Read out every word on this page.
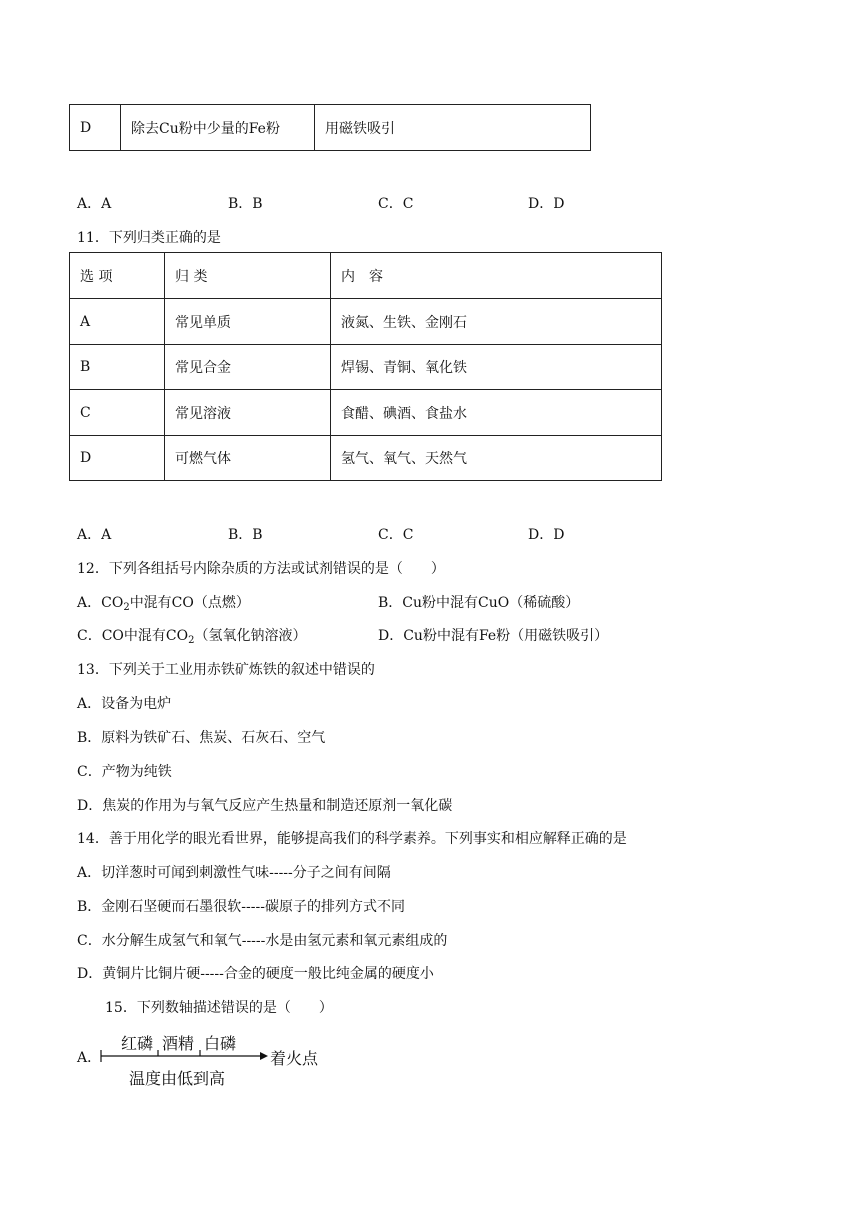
D	除去Cu粉中少量的Fe粉	用磁铁吸引
A．A	B．B	C．C	D．D
11．下列归类正确的是
选 项	归 类	内　容
A	常见单质	液氮、生铁、金刚石
B	常见合金	焊锡、青铜、氧化铁
C	常见溶液	食醋、碘酒、食盐水
D	可燃气体	氢气、氧气、天然气
A．A	B．B	C．C	D．D
12．下列各组括号内除杂质的方法或试剂错误的是（　　）
A．$CO_2$中混有CO（点燃）	B．Cu粉中混有CuO（稀硫酸）
C．CO中混有$CO_2$（氢氧化钠溶液）	D．Cu粉中混有Fe粉（用磁铁吸引）
13．下列关于工业用赤铁矿炼铁的叙述中错误的
A．设备为电炉
B．原料为铁矿石、焦炭、石灰石、空气
C．产物为纯铁
D．焦炭的作用为与氧气反应产生热量和制造还原剂一氧化碳
14．善于用化学的眼光看世界，能够提高我们的科学素养。下列事实和相应解释正确的是
A．切洋葱时可闻到刺激性气味-----分子之间有间隔
B．金刚石坚硬而石墨很软-----碳原子的排列方式不同
C．水分解生成氢气和氧气-----水是由氢元素和氧元素组成的
D．黄铜片比铜片硬-----合金的硬度一般比纯金属的硬度小
15．下列数轴描述错误的是（　　）
A．
红磷 酒精 白磷
着火点
温度由低到高
